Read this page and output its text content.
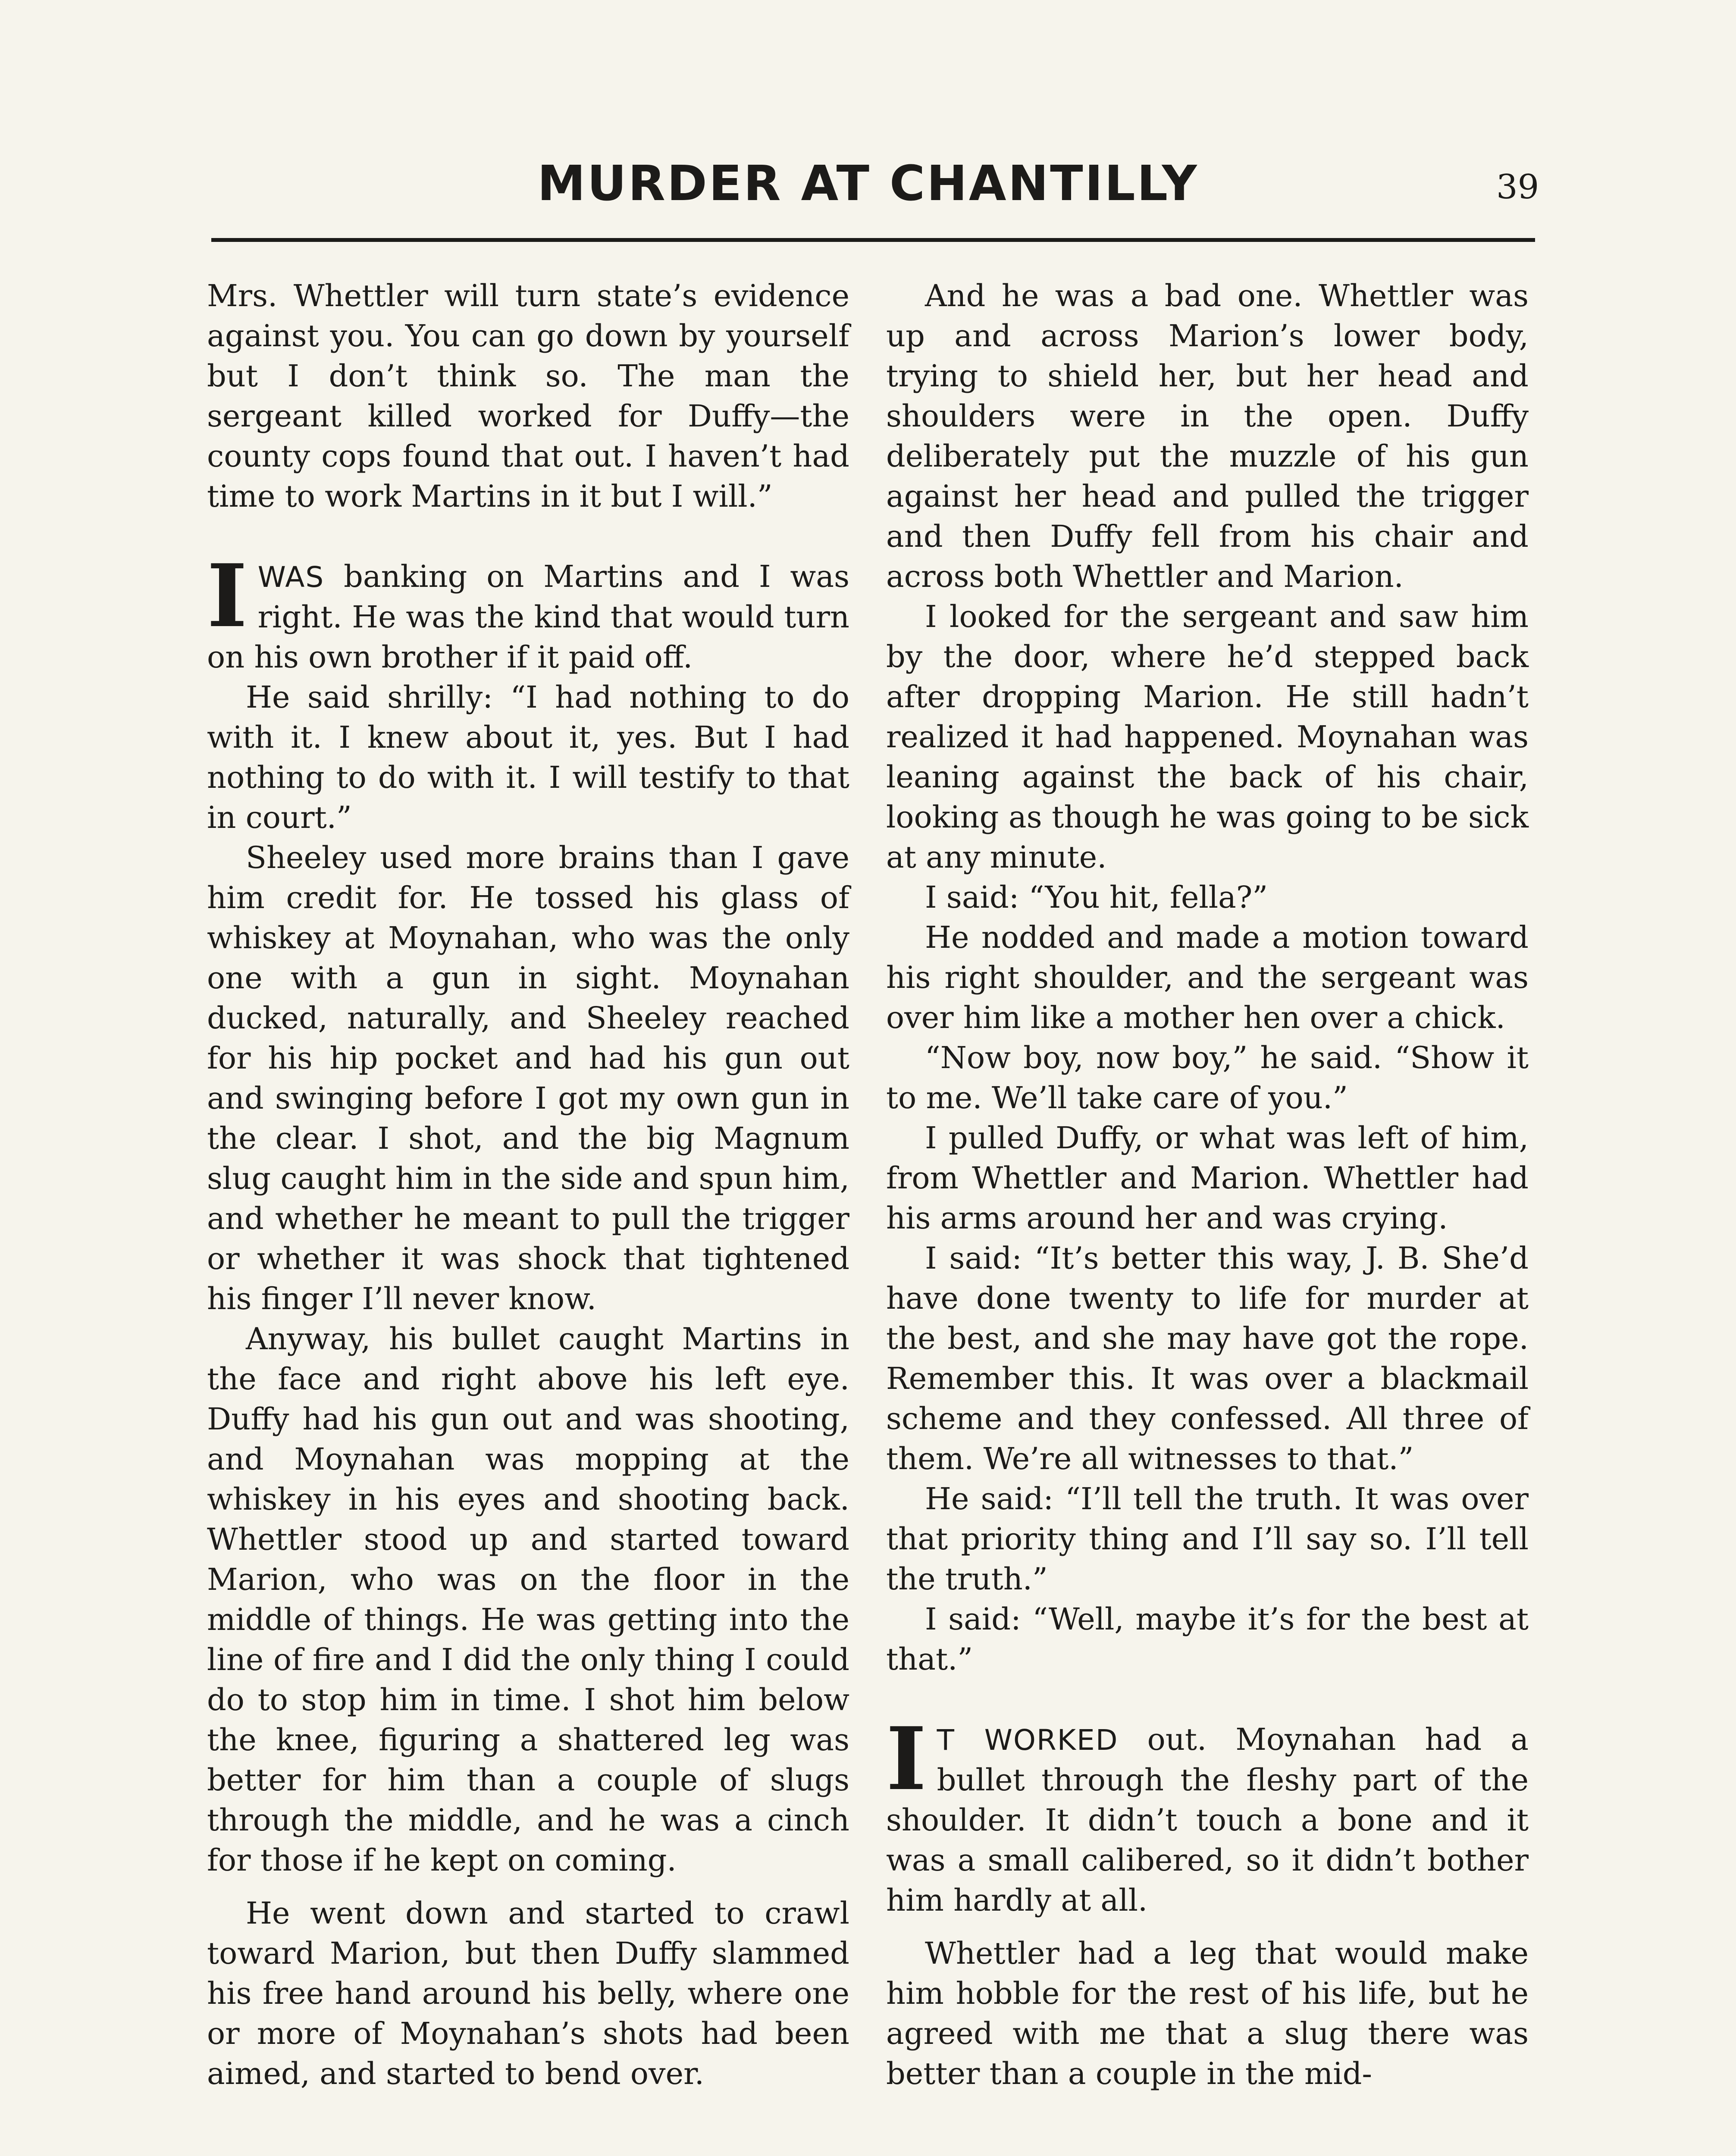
MURDER AT CHANTILLY	39

Mrs. Whettler will turn state’s evidence against you. You can go down by yourself but I don’t think so. The man the sergeant killed worked for Duffy—the county cops found that out. I haven’t had time to work Martins in it but I will.”

IWAS banking on Martins and I was right. He was the kind that would turn on his own brother if it paid off.

He said shrilly: “I had nothing to do with it. I knew about it, yes. But I had nothing to do with it. I will testify to that in court.”

Sheeley used more brains than I gave him credit for. He tossed his glass of whiskey at Moynahan, who was the only one with a gun in sight. Moynahan ducked, naturally, and Sheeley reached for his hip pocket and had his gun out and swinging before I got my own gun in the clear. I shot, and the big Magnum slug caught him in the side and spun him, and whether he meant to pull the trigger or whether it was shock that tightened his finger I’ll never know.

Anyway, his bullet caught Martins in the face and right above his left eye. Duffy had his gun out and was shooting, and Moynahan was mopping at the whiskey in his eyes and shooting back. Whettler stood up and started toward Marion, who was on the floor in the middle of things. He was getting into the line of fire and I did the only thing I could do to stop him in time. I shot him below the knee, figuring a shattered leg was better for him than a couple of slugs through the middle, and he was a cinch for those if he kept on coming.

He went down and started to crawl toward Marion, but then Duffy slammed his free hand around his belly, where one or more of Moynahan’s shots had been aimed, and started to bend over.

And he was a bad one. Whettler was up and across Marion’s lower body, trying to shield her, but her head and shoulders were in the open. Duffy deliberately put the muzzle of his gun against her head and pulled the trigger and then Duffy fell from his chair and across both Whettler and Marion.

I looked for the sergeant and saw him by the door, where he’d stepped back after dropping Marion. He still hadn’t realized it had happened. Moynahan was leaning against the back of his chair, looking as though he was going to be sick at any minute.

I said: “You hit, fella?”

He nodded and made a motion toward his right shoulder, and the sergeant was over him like a mother hen over a chick.

“Now boy, now boy,” he said. “Show it to me. We’ll take care of you.”

I pulled Duffy, or what was left of him, from Whettler and Marion. Whettler had his arms around her and was crying.

I said: “It’s better this way, J. B. She’d have done twenty to life for murder at the best, and she may have got the rope. Remember this. It was over a blackmail scheme and they confessed. All three of them. We’re all witnesses to that.”

He said: “I’ll tell the truth. It was over that priority thing and I’ll say so. I’ll tell the truth.”

I said: “Well, maybe it’s for the best at that.”

I T WORKED out. Moynahan had a bullet through the fleshy part of the shoulder. It didn’t touch a bone and it was a small calibered, so it didn’t bother him hardly at all.

Whettler had a leg that would make him hobble for the rest of his life, but he agreed with me that a slug there was better than a couple in the mid-
